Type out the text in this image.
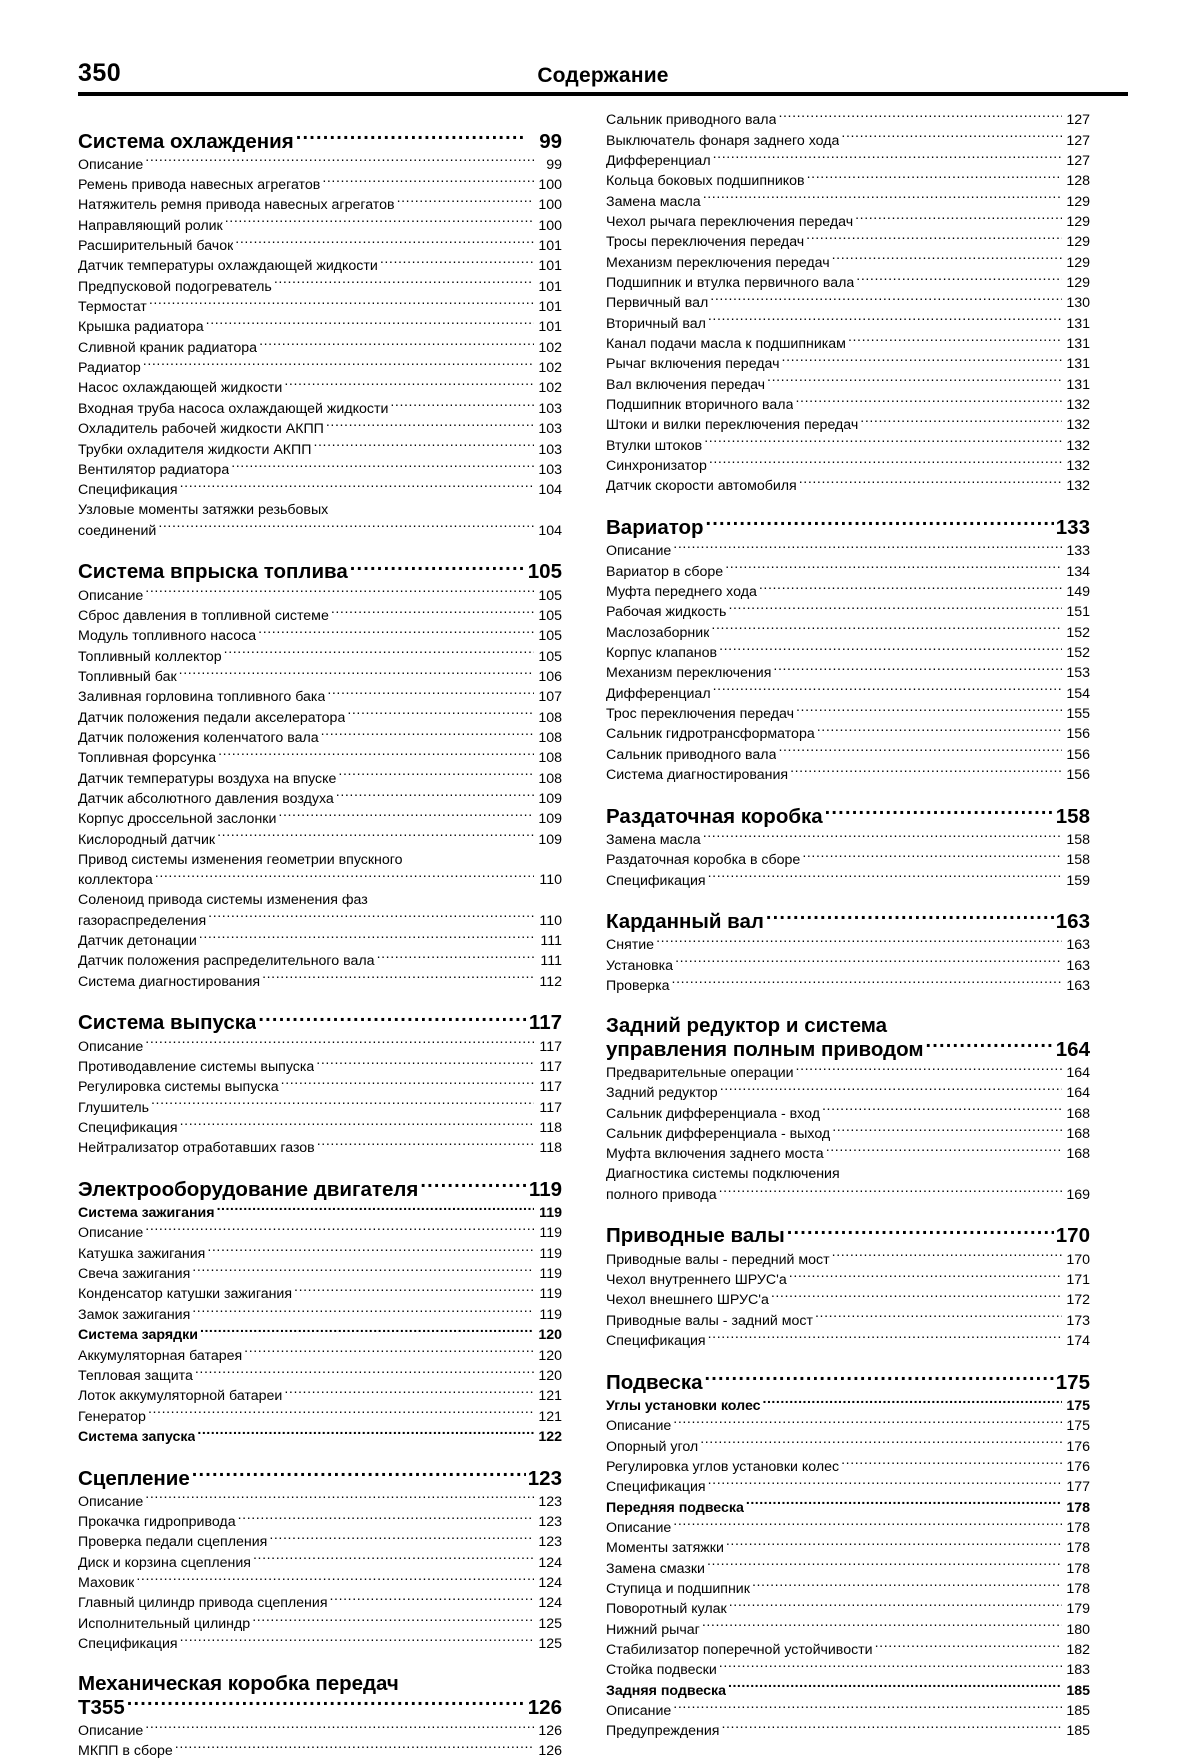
350	Содержание
Система охлаждения .....	99
Описание .....	99
Ремень привода навесных агрегатов .....	100
Натяжитель ремня привода навесных агрегатов .....	100
Направляющий ролик .....	100
Расширительный бачок .....	101
Датчик температуры охлаждающей жидкости .....	101
Предпусковой подогреватель .....	101
Термостат .....	101
Крышка радиатора .....	101
Сливной краник радиатора .....	102
Радиатор .....	102
Насос охлаждающей жидкости .....	102
Входная труба насоса охлаждающей жидкости .....	103
Охладитель рабочей жидкости АКПП .....	103
Трубки охладителя жидкости АКПП .....	103
Вентилятор радиатора .....	103
Спецификация .....	104
Узловые моменты затяжки резьбовых
соединений .....	104
Система впрыска топлива .....	105
Описание .....	105
Сброс давления в топливной системе .....	105
Модуль топливного насоса .....	105
Топливный коллектор .....	105
Топливный бак .....	106
Заливная горловина топливного бака .....	107
Датчик положения педали акселератора .....	108
Датчик положения коленчатого вала .....	108
Топливная форсунка .....	108
Датчик температуры воздуха на впуске .....	108
Датчик абсолютного давления воздуха .....	109
Корпус дроссельной заслонки .....	109
Кислородный датчик .....	109
Привод системы изменения геометрии впускного
коллектора .....	110
Соленоид привода системы изменения фаз
газораспределения .....	110
Датчик детонации .....	111
Датчик положения распределительного вала .....	111
Система диагностирования .....	112
Система выпуска .....	117
Описание .....	117
Противодавление системы выпуска .....	117
Регулировка системы выпуска .....	117
Глушитель .....	117
Спецификация .....	118
Нейтрализатор отработавших газов .....	118
Электрооборудование двигателя .....	119
Система зажигания .....	119
Описание .....	119
Катушка зажигания .....	119
Свеча зажигания .....	119
Конденсатор катушки зажигания .....	119
Замок зажигания .....	119
Система зарядки .....	120
Аккумуляторная батарея .....	120
Тепловая защита .....	120
Лоток аккумуляторной батареи .....	121
Генератор .....	121
Система запуска .....	122
Сцепление .....	123
Описание .....	123
Прокачка гидропривода .....	123
Проверка педали сцепления .....	123
Диск и корзина сцепления .....	124
Маховик .....	124
Главный цилиндр привода сцепления .....	124
Исполнительный цилиндр .....	125
Спецификация .....	125
Механическая коробка передач
Т355 .....	126
Описание .....	126
МКПП в сборе .....	126
Сальник приводного вала .....	127
Выключатель фонаря заднего хода .....	127
Дифференциал .....	127
Кольца боковых подшипников .....	128
Замена масла .....	129
Чехол рычага переключения передач .....	129
Тросы переключения передач .....	129
Механизм переключения передач .....	129
Подшипник и втулка первичного вала .....	129
Первичный вал .....	130
Вторичный вал .....	131
Канал подачи масла к подшипникам .....	131
Рычаг включения передач .....	131
Вал включения передач .....	131
Подшипник вторичного вала .....	132
Штоки и вилки переключения передач .....	132
Втулки штоков .....	132
Синхронизатор .....	132
Датчик скорости автомобиля .....	132
Вариатор .....	133
Описание .....	133
Вариатор в сборе .....	134
Муфта переднего хода .....	149
Рабочая жидкость .....	151
Маслозаборник .....	152
Корпус клапанов .....	152
Механизм переключения .....	153
Дифференциал .....	154
Трос переключения передач .....	155
Сальник гидротрансформатора .....	156
Сальник приводного вала .....	156
Система диагностирования .....	156
Раздаточная коробка .....	158
Замена масла .....	158
Раздаточная коробка в сборе .....	158
Спецификация .....	159
Карданный вал .....	163
Снятие .....	163
Установка .....	163
Проверка .....	163
Задний редуктор и система
управления полным приводом .....	164
Предварительные операции .....	164
Задний редуктор .....	164
Сальник дифференциала - вход .....	168
Сальник дифференциала - выход .....	168
Муфта включения заднего моста .....	168
Диагностика системы подключения
полного привода .....	169
Приводные валы .....	170
Приводные валы - передний мост .....	170
Чехол внутреннего ШРУС'а .....	171
Чехол внешнего ШРУС'а .....	172
Приводные валы - задний мост .....	173
Спецификация .....	174
Подвеска .....	175
Углы установки колес .....	175
Описание .....	175
Опорный угол .....	176
Регулировка углов установки колес .....	176
Спецификация .....	177
Передняя подвеска .....	178
Описание .....	178
Моменты затяжки .....	178
Замена смазки .....	178
Ступица и подшипник .....	178
Поворотный кулак .....	179
Нижний рычаг .....	180
Стабилизатор поперечной устойчивости .....	182
Стойка подвески .....	183
Задняя подвеска .....	185
Описание .....	185
Предупреждения .....	185
